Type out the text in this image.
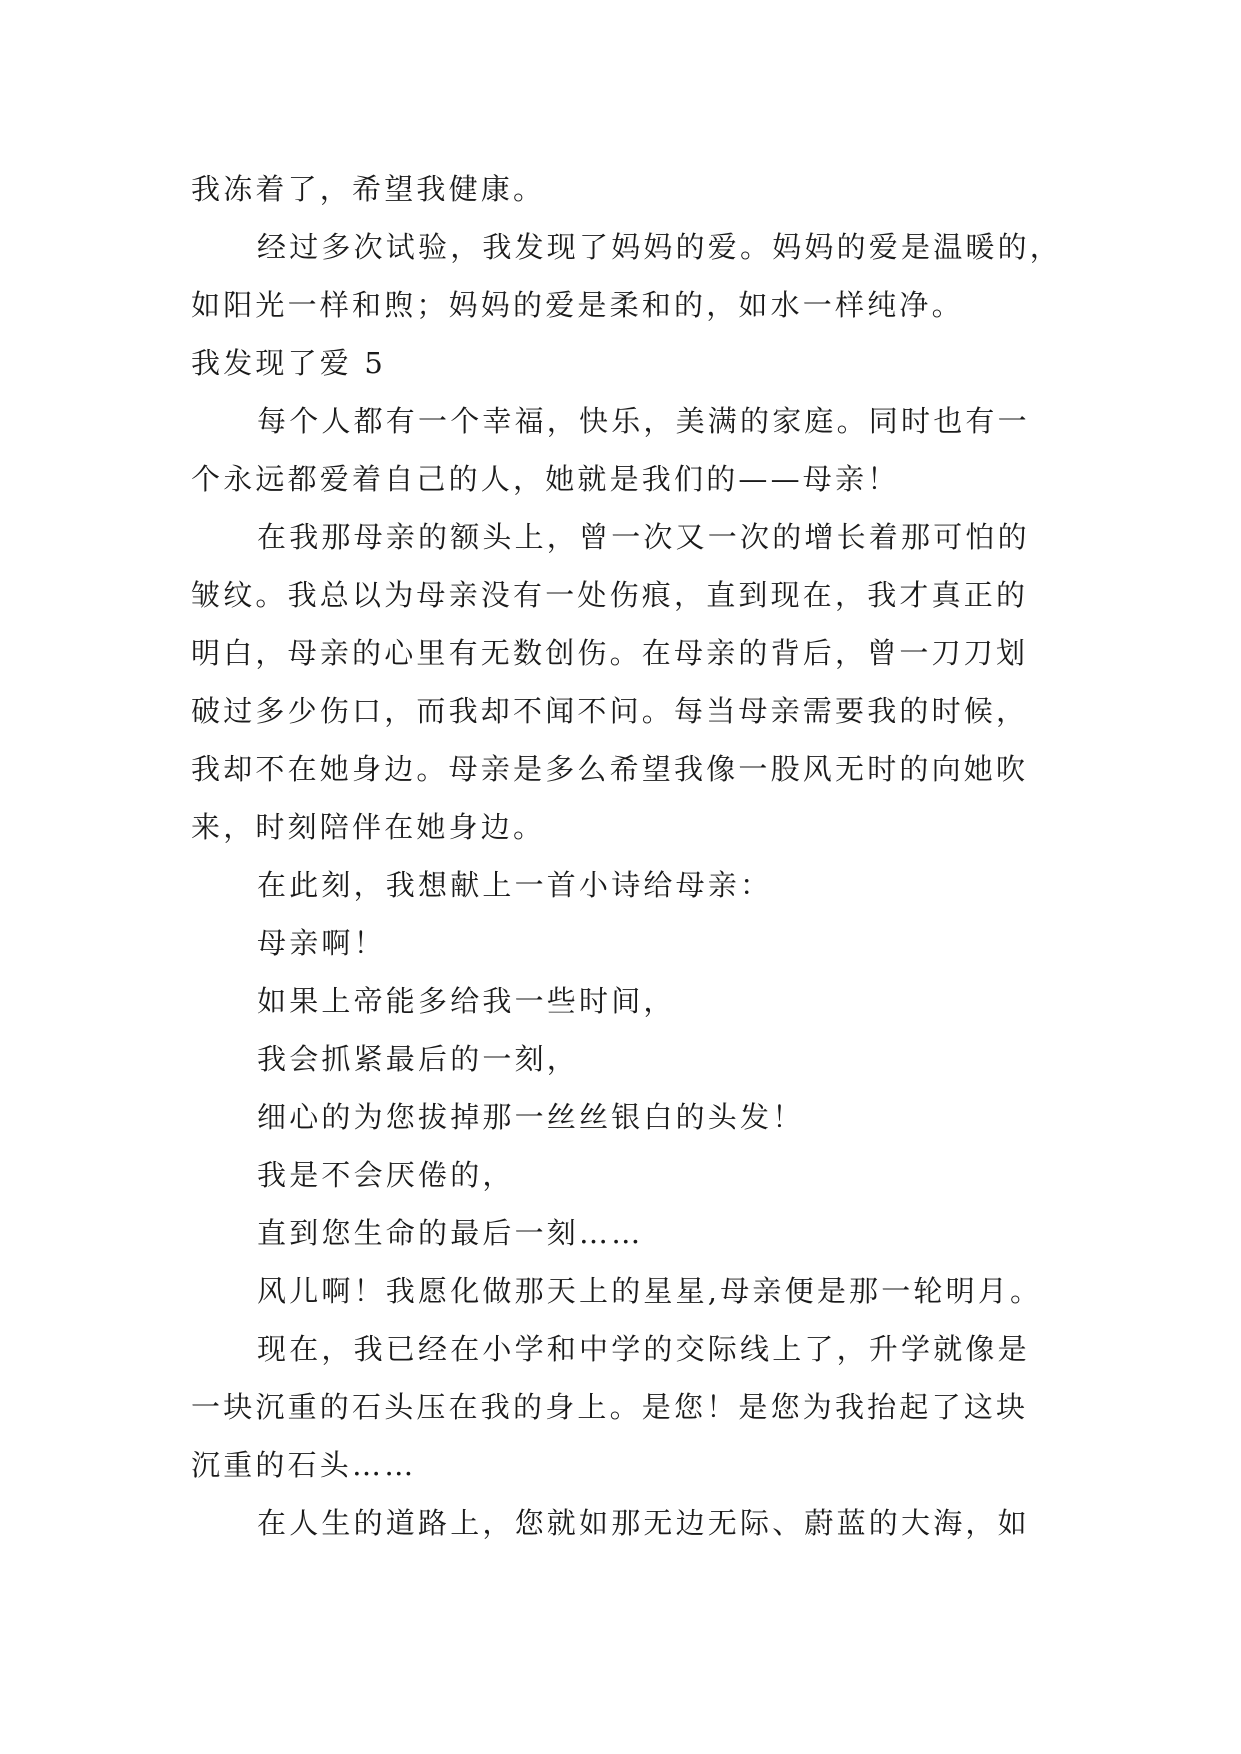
我冻着了，希望我健康。
经过多次试验，我发现了妈妈的爱。妈妈的爱是温暖的，
如阳光一样和煦；妈妈的爱是柔和的，如水一样纯净。
我发现了爱 5
每个人都有一个幸福，快乐，美满的家庭。同时也有一
个永远都爱着自己的人，她就是我们的——母亲！
在我那母亲的额头上，曾一次又一次的增长着那可怕的
皱纹。我总以为母亲没有一处伤痕，直到现在，我才真正的
明白，母亲的心里有无数创伤。在母亲的背后，曾一刀刀划
破过多少伤口，而我却不闻不问。每当母亲需要我的时候，
我却不在她身边。母亲是多么希望我像一股风无时的向她吹
来，时刻陪伴在她身边。
在此刻，我想献上一首小诗给母亲：
母亲啊！
如果上帝能多给我一些时间，
我会抓紧最后的一刻，
细心的为您拔掉那一丝丝银白的头发！
我是不会厌倦的，
直到您生命的最后一刻……
风儿啊！我愿化做那天上的星星,母亲便是那一轮明月。
现在，我已经在小学和中学的交际线上了，升学就像是
一块沉重的石头压在我的身上。是您！是您为我抬起了这块
沉重的石头……
在人生的道路上，您就如那无边无际、蔚蓝的大海，如
